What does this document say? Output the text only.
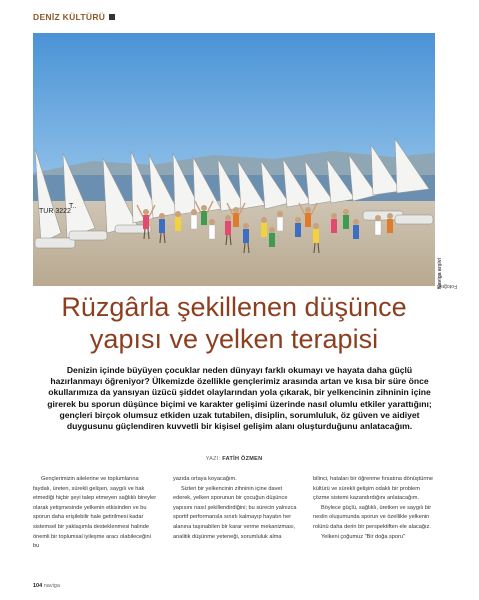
DENİZ KÜLTÜRÜ
TUR 3222
T..
Fotoğraf:
Naviga arşivi
Rüzgârla şekillenen düşünce
yapısı ve yelken terapisi
Denizin içinde büyüyen çocuklar neden dünyayı farklı okumayı ve hayata daha güçlü hazırlanmayı öğreniyor? Ülkemizde özellikle gençlerimiz arasında artan ve kısa bir süre önce okullarımıza da yansıyan üzücü şiddet olaylarından yola çıkarak, bir yelkencinin zihninin içine girerek bu sporun düşünce biçimi ve karakter gelişimi üzerinde nasıl olumlu etkiler yarattığını; gençleri birçok olumsuz etkiden uzak tutabilen, disiplin, sorumluluk, öz güven ve aidiyet duygusunu güçlendiren kuvvetli bir kişisel gelişim alanı oluşturduğunu anlatacağım.
YAZI: FATİH ÖZMEN

Gençlerimizin ailelerine ve toplumlarına faydalı, üreten, sürekli gelişen, saygılı ve hak etmediği hiçbir şeyi talep etmeyen sağlıklı bireyler olarak yetişmesinde yelkenin etkisinden ve bu sporun daha erişilebilir hale getirilmesi kadar sistemsel bir yaklaşımla desteklenmesi halinde önemli bir toplumsal iyileşme aracı olabileceğini bu

yazıda ortaya koyacağım.

Sizleri bir yelkencinin zihninin içine davet ederek, yelken sporunun bir çocuğun düşünce yapısını nasıl şekillendirdiğini; bu sürecin yalnızca sportif performansla sınırlı kalmayıp hayatın her alanına taşınabilen bir karar verme mekanizması, analitik düşünme yeteneği, sorumluluk alma

bilinci, hataları bir öğrenme fırsatına dönüştürme kültürü ve sürekli gelişim odaklı bir problem çözme sistemi kazandırdığını anlatacağım.

Böylece güçlü, sağlıklı, üretken ve saygılı bir neslin oluşumunda sporun ve özellikle yelkenin rolünü daha derin bir perspektiften ele alacağız.

Yelkeni çoğumuz "Bir doğa sporu"

104 naviga
